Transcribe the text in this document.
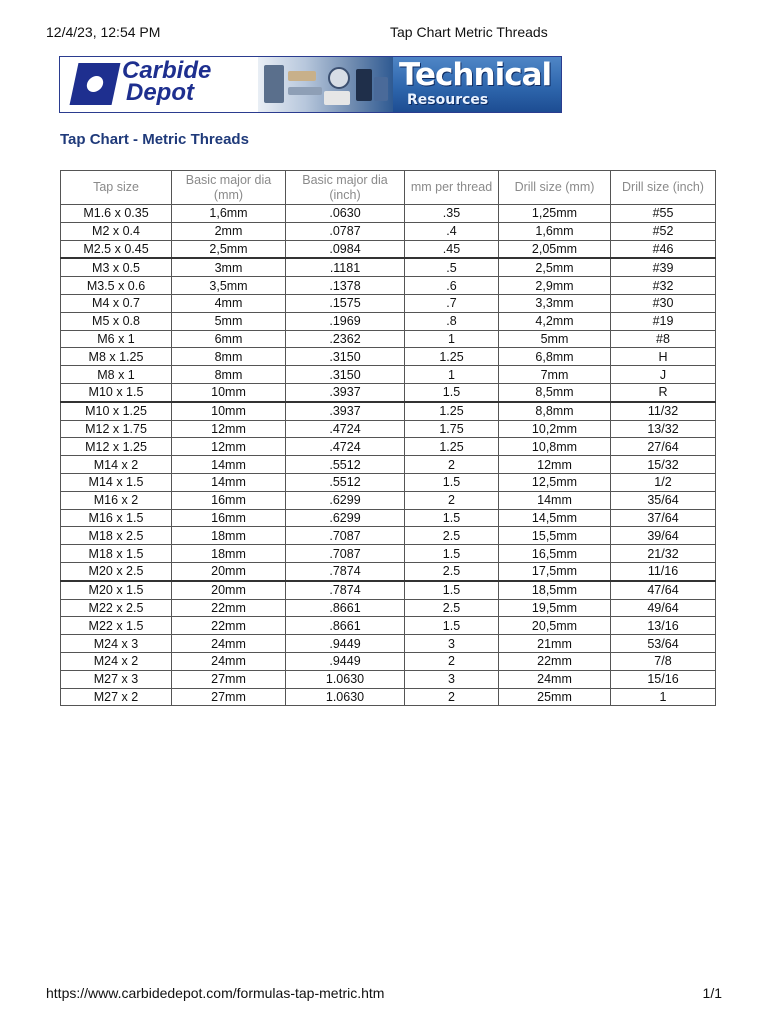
12/4/23, 12:54 PM	Tap Chart Metric Threads
Carbide
Depot	Technical
Resources
Tap Chart - Metric Threads
Tap size	Basic major dia (mm)	Basic major dia (inch)	mm per thread	Drill size (mm)	Drill size (inch)
M1.6 x 0.35	1,6mm	.0630	.35	1,25mm	#55
M2 x 0.4	2mm	.0787	.4	1,6mm	#52
M2.5 x 0.45	2,5mm	.0984	.45	2,05mm	#46
M3 x 0.5	3mm	.1181	.5	2,5mm	#39
M3.5 x 0.6	3,5mm	.1378	.6	2,9mm	#32
M4 x 0.7	4mm	.1575	.7	3,3mm	#30
M5 x 0.8	5mm	.1969	.8	4,2mm	#19
M6 x 1	6mm	.2362	1	5mm	#8
M8 x 1.25	8mm	.3150	1.25	6,8mm	H
M8 x 1	8mm	.3150	1	7mm	J
M10 x 1.5	10mm	.3937	1.5	8,5mm	R
M10 x 1.25	10mm	.3937	1.25	8,8mm	11/32
M12 x 1.75	12mm	.4724	1.75	10,2mm	13/32
M12 x 1.25	12mm	.4724	1.25	10,8mm	27/64
M14 x 2	14mm	.5512	2	12mm	15/32
M14 x 1.5	14mm	.5512	1.5	12,5mm	1/2
M16 x 2	16mm	.6299	2	14mm	35/64
M16 x 1.5	16mm	.6299	1.5	14,5mm	37/64
M18 x 2.5	18mm	.7087	2.5	15,5mm	39/64
M18 x 1.5	18mm	.7087	1.5	16,5mm	21/32
M20 x 2.5	20mm	.7874	2.5	17,5mm	11/16
M20 x 1.5	20mm	.7874	1.5	18,5mm	47/64
M22 x 2.5	22mm	.8661	2.5	19,5mm	49/64
M22 x 1.5	22mm	.8661	1.5	20,5mm	13/16
M24 x 3	24mm	.9449	3	21mm	53/64
M24 x 2	24mm	.9449	2	22mm	7/8
M27 x 3	27mm	1.0630	3	24mm	15/16
M27 x 2	27mm	1.0630	2	25mm	1
https://www.carbidedepot.com/formulas-tap-metric.htm	1/1
